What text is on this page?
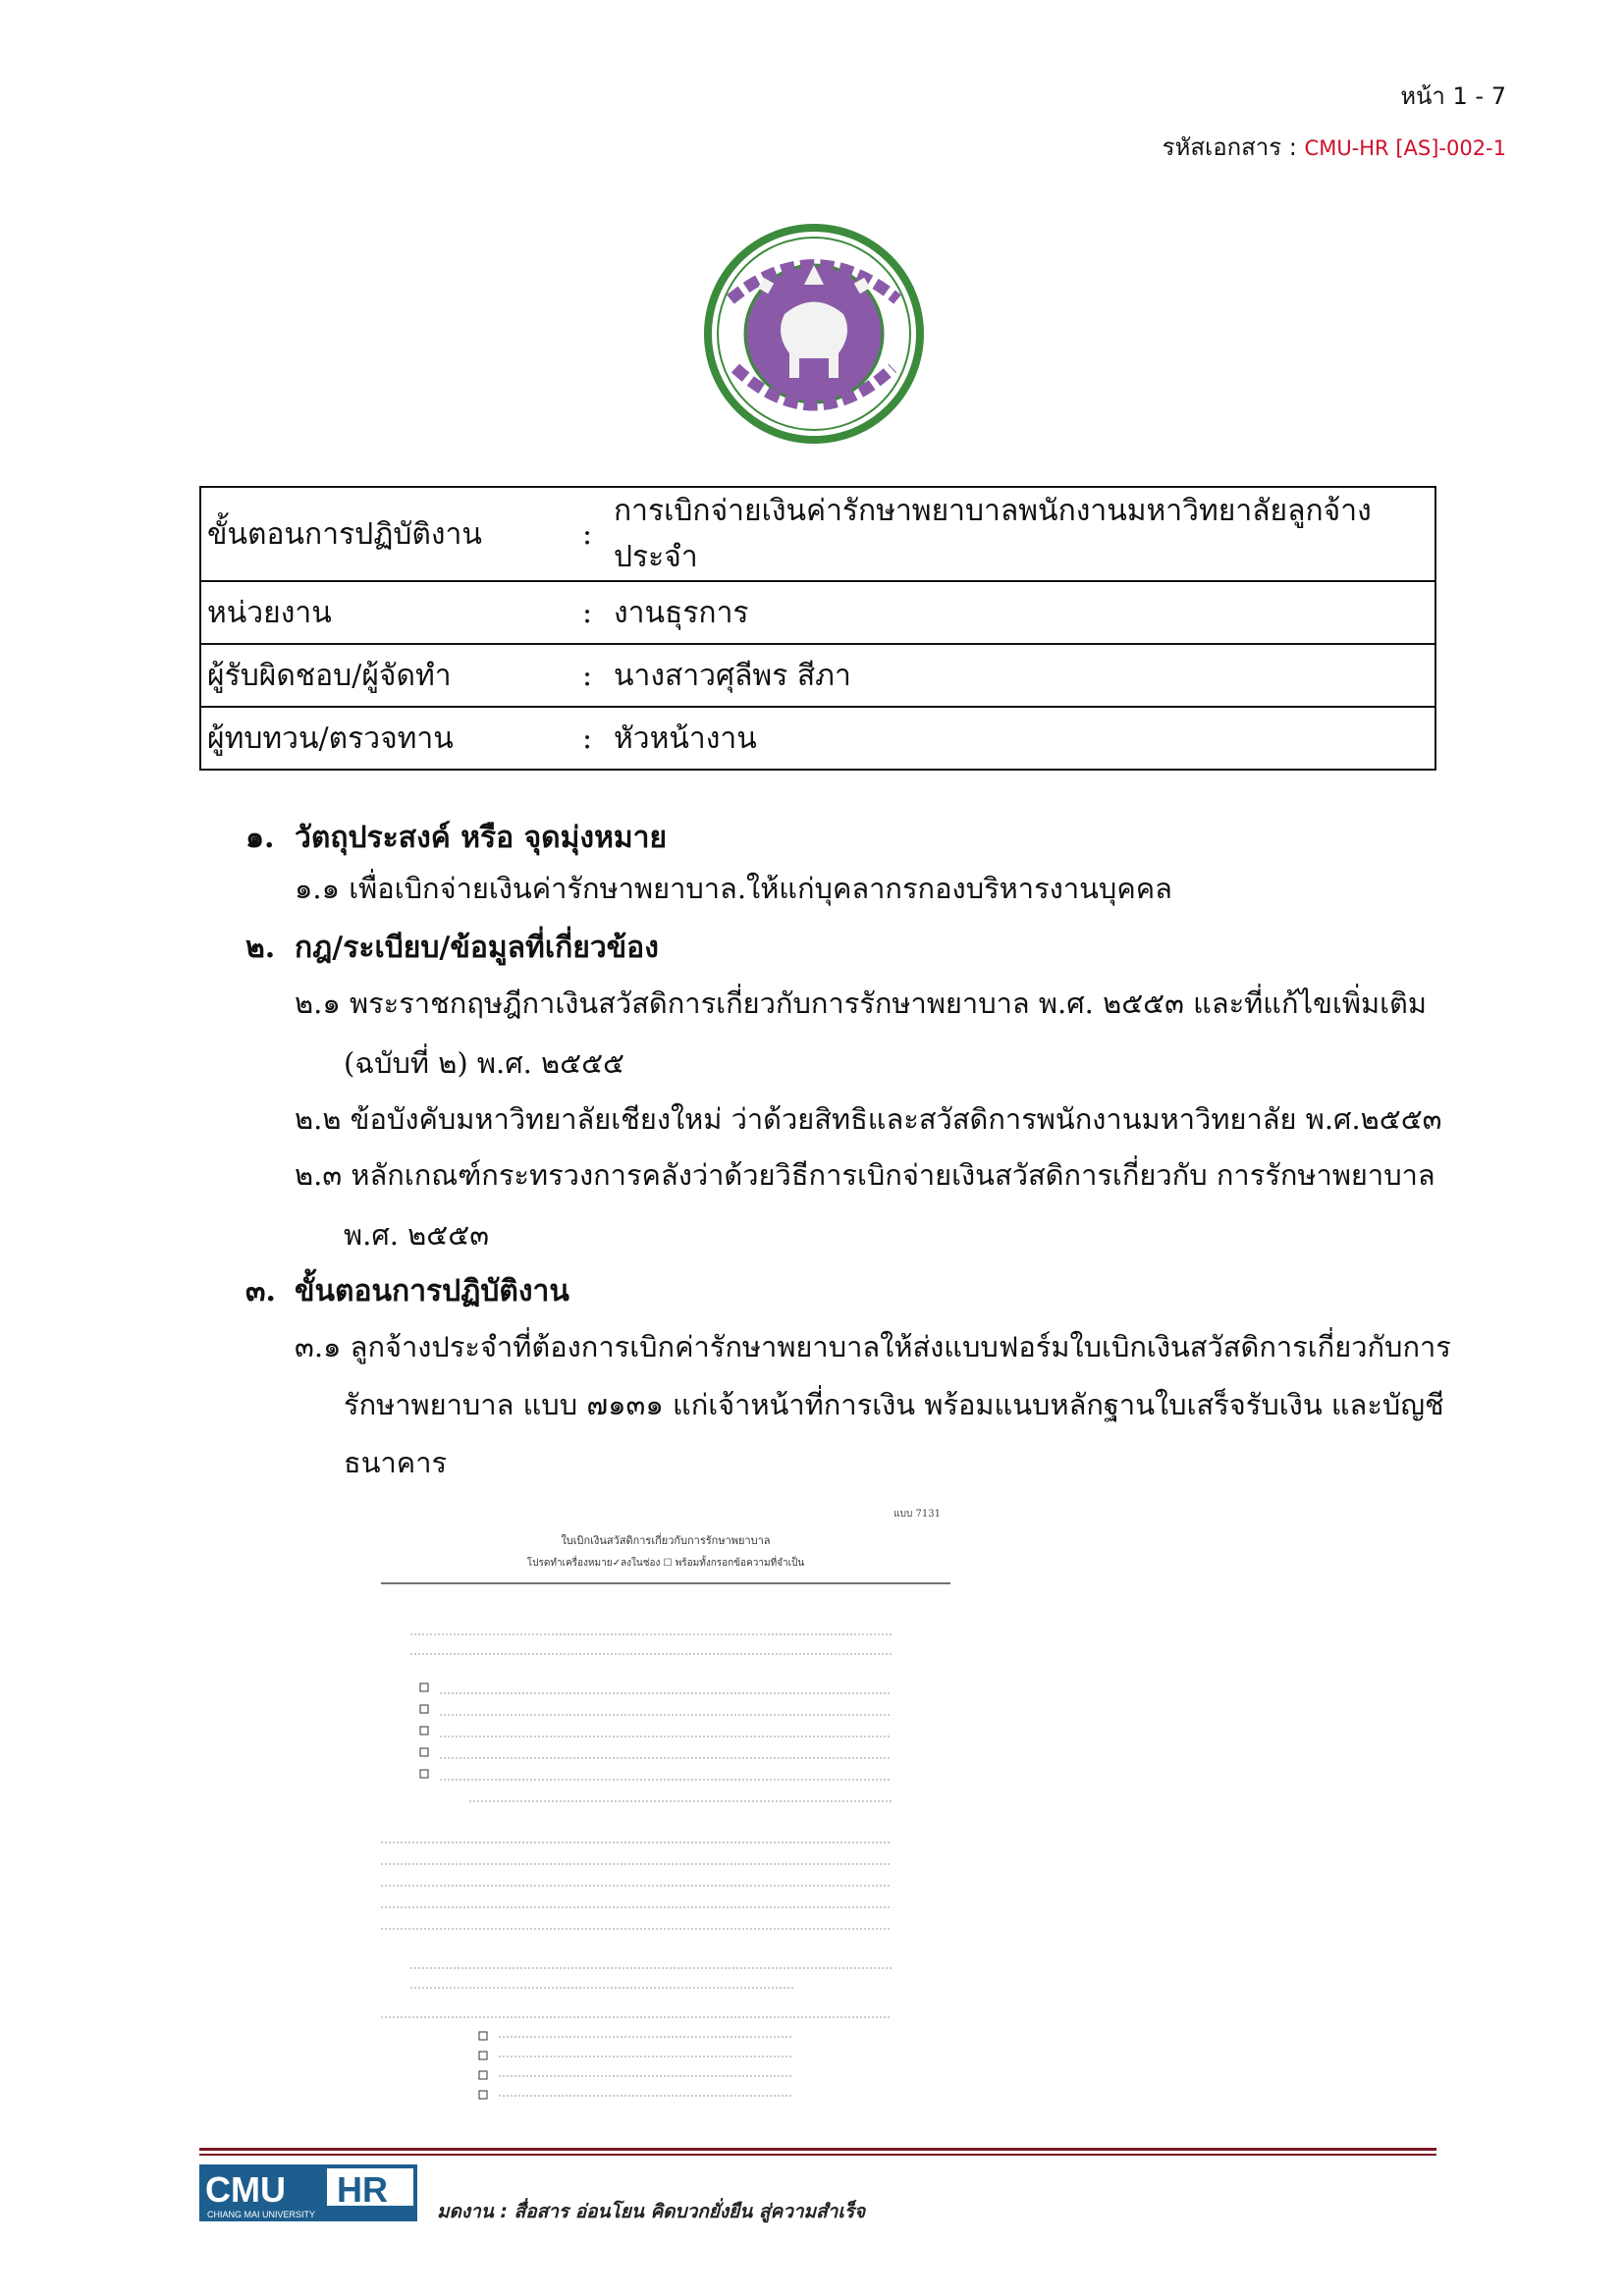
หน้า 1 - 7
รหัสเอกสาร : CMU-HR [AS]-002-1
ขั้นตอนการปฏิบัติงาน	:	การเบิกจ่ายเงินค่ารักษาพยาบาลพนักงานมหาวิทยาลัยลูกจ้างประจำ
หน่วยงาน	:	งานธุรการ
ผู้รับผิดชอบ/ผู้จัดทำ	:	นางสาวศุลีพร สีภา
ผู้ทบทวน/ตรวจทาน	:	หัวหน้างาน
๑. วัตถุประสงค์ หรือ จุดมุ่งหมาย
๑.๑ เพื่อเบิกจ่ายเงินค่ารักษาพยาบาล.ให้แก่บุคลากรกองบริหารงานบุคคล
๒. กฎ/ระเบียบ/ข้อมูลที่เกี่ยวข้อง
๒.๑ พระราชกฤษฎีกาเงินสวัสดิการเกี่ยวกับการรักษาพยาบาล พ.ศ. ๒๕๕๓ และที่แก้ไขเพิ่มเติม
(ฉบับที่ ๒) พ.ศ. ๒๕๕๕
๒.๒ ข้อบังคับมหาวิทยาลัยเชียงใหม่ ว่าด้วยสิทธิและสวัสดิการพนักงานมหาวิทยาลัย พ.ศ.๒๕๕๓
๒.๓ หลักเกณฑ์กระทรวงการคลังว่าด้วยวิธีการเบิกจ่ายเงินสวัสดิการเกี่ยวกับ การรักษาพยาบาล
พ.ศ. ๒๕๕๓
๓. ขั้นตอนการปฏิบัติงาน
๓.๑ ลูกจ้างประจำที่ต้องการเบิกค่ารักษาพยาบาลให้ส่งแบบฟอร์มใบเบิกเงินสวัสดิการเกี่ยวกับการ
รักษาพยาบาล แบบ ๗๑๓๑ แก่เจ้าหน้าที่การเงิน พร้อมแนบหลักฐานใบเสร็จรับเงิน และบัญชี
ธนาคาร
แบบ 7131
ใบเบิกเงินสวัสดิการเกี่ยวกับการรักษาพยาบาล
โปรดทำเครื่องหมาย✓ลงในช่อง ☐ พร้อมทั้งกรอกข้อความที่จำเป็น
CMU HR
CHIANG MAI UNIVERSITY	มดงาน : สื่อสาร อ่อนโยน คิดบวกยั่งยืน สู่ความสำเร็จ
